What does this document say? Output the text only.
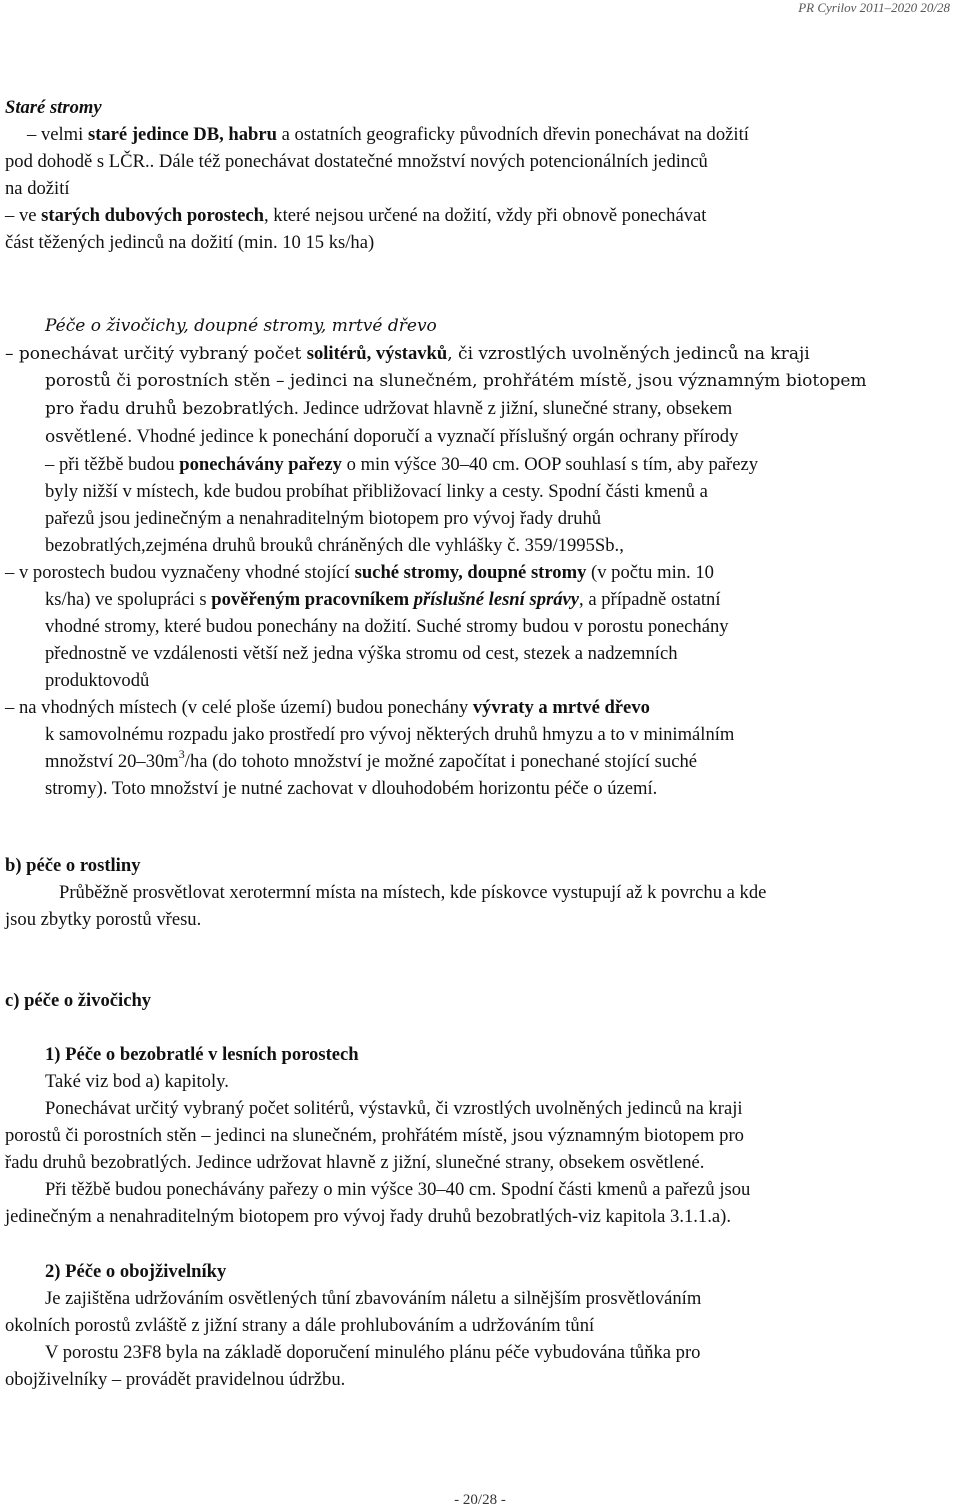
PR Cyrilov 2011–2020 20/28
Staré stromy
– velmi staré jedince DB, habru a ostatních geograficky původních dřevin ponechávat na dožití
pod dohodě s LČR.. Dále též ponechávat dostatečné množství nových potencionálních jedinců
na dožití
– ve starých dubových porostech, které nejsou určené na dožití, vždy při obnově ponechávat
část těžených jedinců na dožití (min. 10 15 ks/ha)
Péče o živočichy, doupné stromy, mrtvé dřevo
– ponechávat určitý vybraný počet solitérů, výstavků, či vzrostlých uvolněných jedinců na kraji
porostů či porostních stěn – jedinci na slunečném, prohřátém místě, jsou významným biotopem
pro řadu druhů bezobratlých. Jedince udržovat hlavně z jižní, slunečné strany, obsekem
osvětlené. Vhodné jedince k ponechání doporučí a vyznačí příslušný orgán ochrany přírody
– při těžbě budou ponechávány pařezy o min výšce 30–40 cm. OOP souhlasí s tím, aby pařezy
byly nižší v místech, kde budou probíhat přibližovací linky a cesty. Spodní části kmenů a
pařezů jsou jedinečným a nenahraditelným biotopem pro vývoj řady druhů
bezobratlých,zejména druhů brouků chráněných dle vyhlášky č. 359/1995Sb.,
– v porostech budou vyznačeny vhodné stojící suché stromy, doupné stromy (v počtu min. 10
ks/ha) ve spolupráci s pověřeným pracovníkem příslušné lesní správy, a případně ostatní
vhodné stromy, které budou ponechány na dožití. Suché stromy budou v porostu ponechány
přednostně ve vzdálenosti větší než jedna výška stromu od cest, stezek a nadzemních
produktovodů
– na vhodných místech (v celé ploše území) budou ponechány vývraty a mrtvé dřevo
k samovolnému rozpadu jako prostředí pro vývoj některých druhů hmyzu a to v minimálním
množství $20-30m^3/ha$ (do tohoto množství je možné započítat i ponechané stojící suché
stromy). Toto množství je nutné zachovat v dlouhodobém horizontu péče o území.
b) péče o rostliny
Průběžně prosvětlovat xerotermní místa na místech, kde pískovce vystupují až k povrchu a kde
jsou zbytky porostů vřesu.
c) péče o živočichy
1) Péče o bezobratlé v lesních porostech
Také viz bod a) kapitoly.
Ponechávat určitý vybraný počet solitérů, výstavků, či vzrostlých uvolněných jedinců na kraji
porostů či porostních stěn – jedinci na slunečném, prohřátém místě, jsou významným biotopem pro
řadu druhů bezobratlých. Jedince udržovat hlavně z jižní, slunečné strany, obsekem osvětlené.
Při těžbě budou ponechávány pařezy o min výšce 30–40 cm. Spodní části kmenů a pařezů jsou
jedinečným a nenahraditelným biotopem pro vývoj řady druhů bezobratlých-viz kapitola 3.1.1.a).
2) Péče o obojživelníky
Je zajištěna udržováním osvětlených tůní zbavováním náletu a silnějším prosvětlováním
okolních porostů zvláště z jižní strany a dále prohlubováním a udržováním tůní
V porostu 23F8 byla na základě doporučení minulého plánu péče vybudována tůňka pro
obojživelníky – provádět pravidelnou údržbu.
- 20/28 -
